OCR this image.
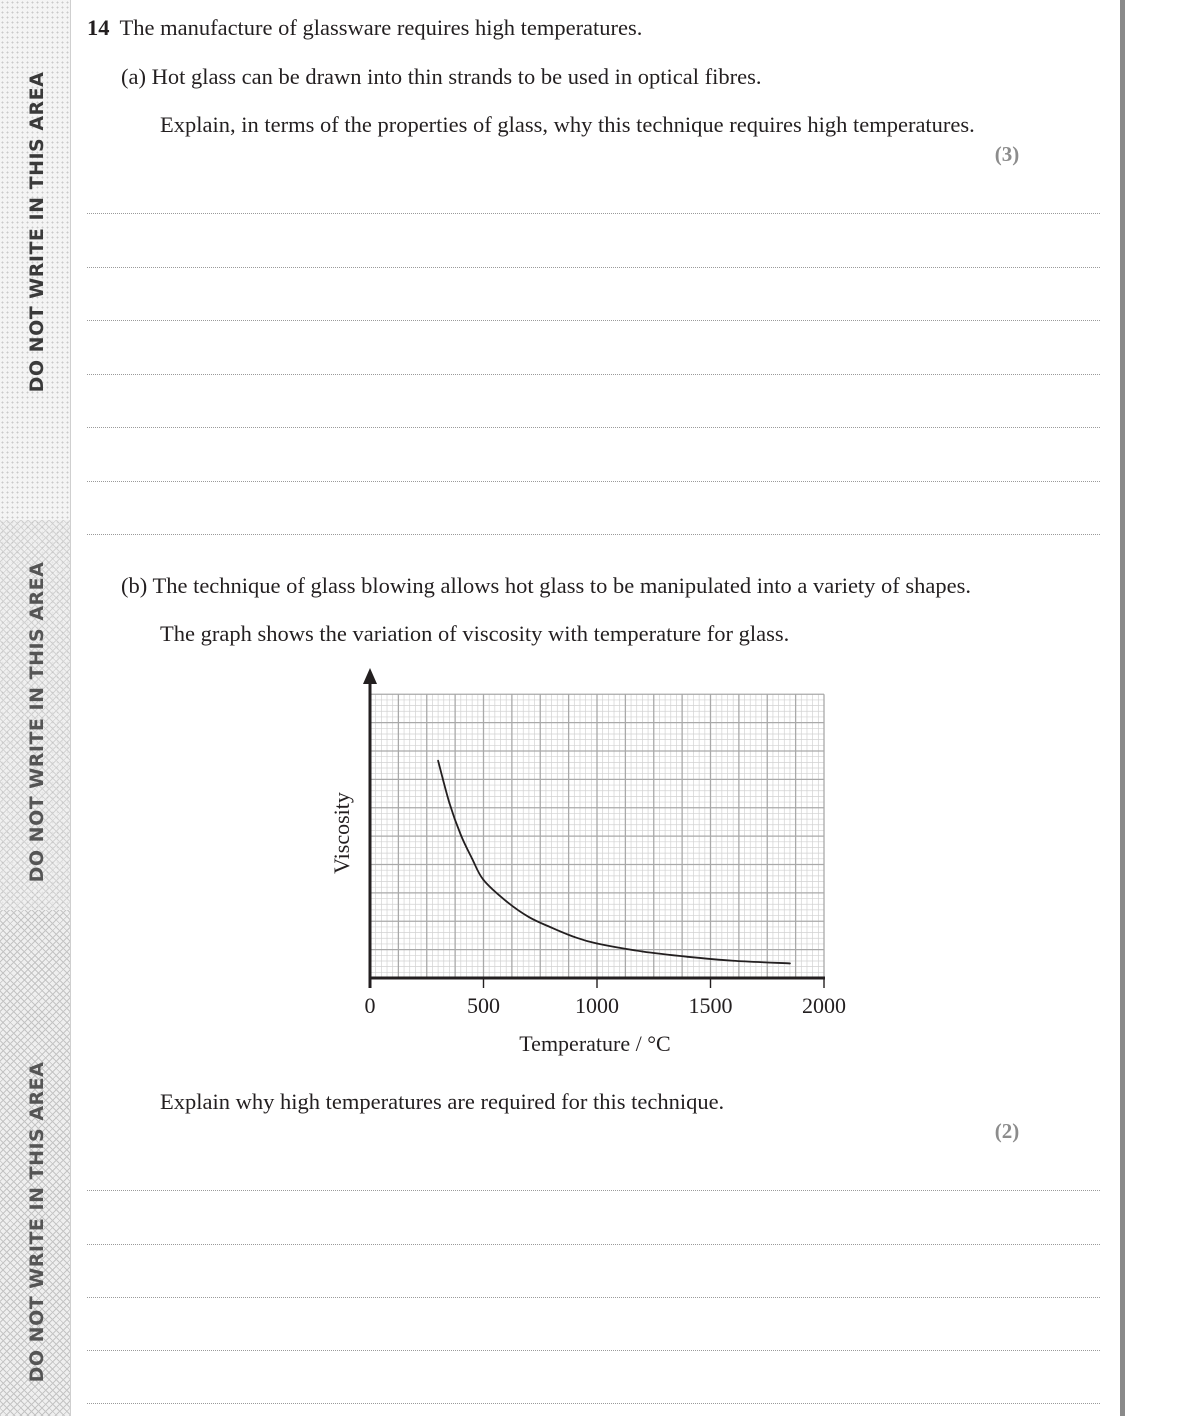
DO NOT WRITE IN THIS AREA
DO NOT WRITE IN THIS AREA
DO NOT WRITE IN THIS AREA
14 The manufacture of glassware requires high temperatures.
(a) Hot glass can be drawn into thin strands to be used in optical fibres.
Explain, in terms of the properties of glass, why this technique requires high temperatures.
(3)
(b) The technique of glass blowing allows hot glass to be manipulated into a variety of shapes.
The graph shows the variation of viscosity with temperature for glass.
0	500	1000	1500	2000
Viscosity
Temperature / °C
Explain why high temperatures are required for this technique.
(2)
